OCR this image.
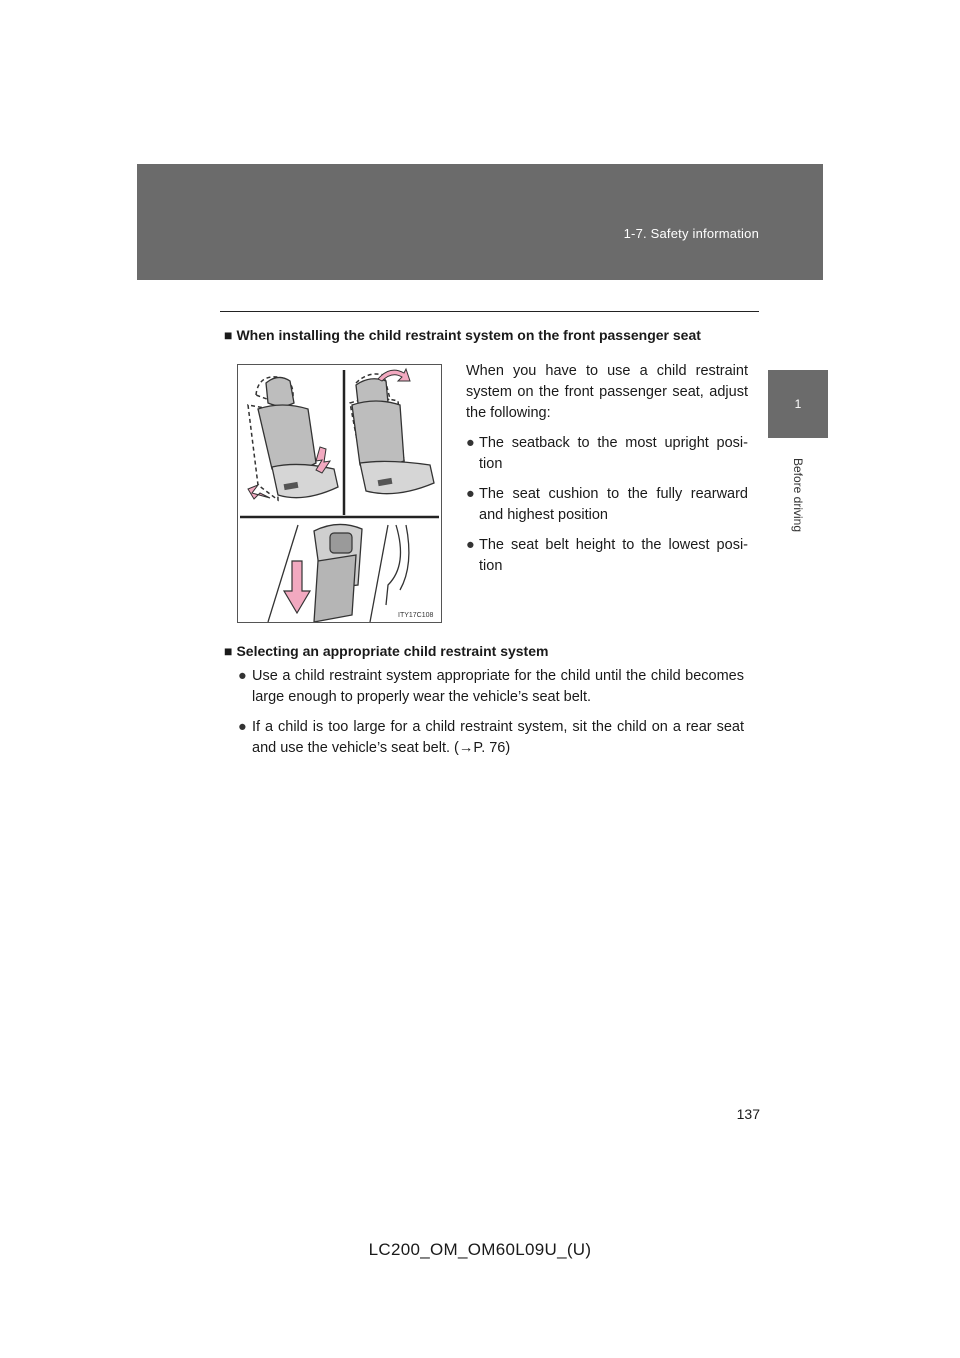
1-7. Safety information
1
Before driving
■ When installing the child restraint system on the front passenger seat
ITY17C108

When you have to use a child restraint system on the front passenger seat, adjust the following:

● The seatback to the most upright posi-tion
● The seat cushion to the fully rearward and highest position
● The seat belt height to the lowest posi-tion
■ Selecting an appropriate child restraint system
● Use a child restraint system appropriate for the child until the child becomes large enough to properly wear the vehicle’s seat belt.
● If a child is too large for a child restraint system, sit the child on a rear seat and use the vehicle’s seat belt. (→P. 76)
137
LC200_OM_OM60L09U_(U)
